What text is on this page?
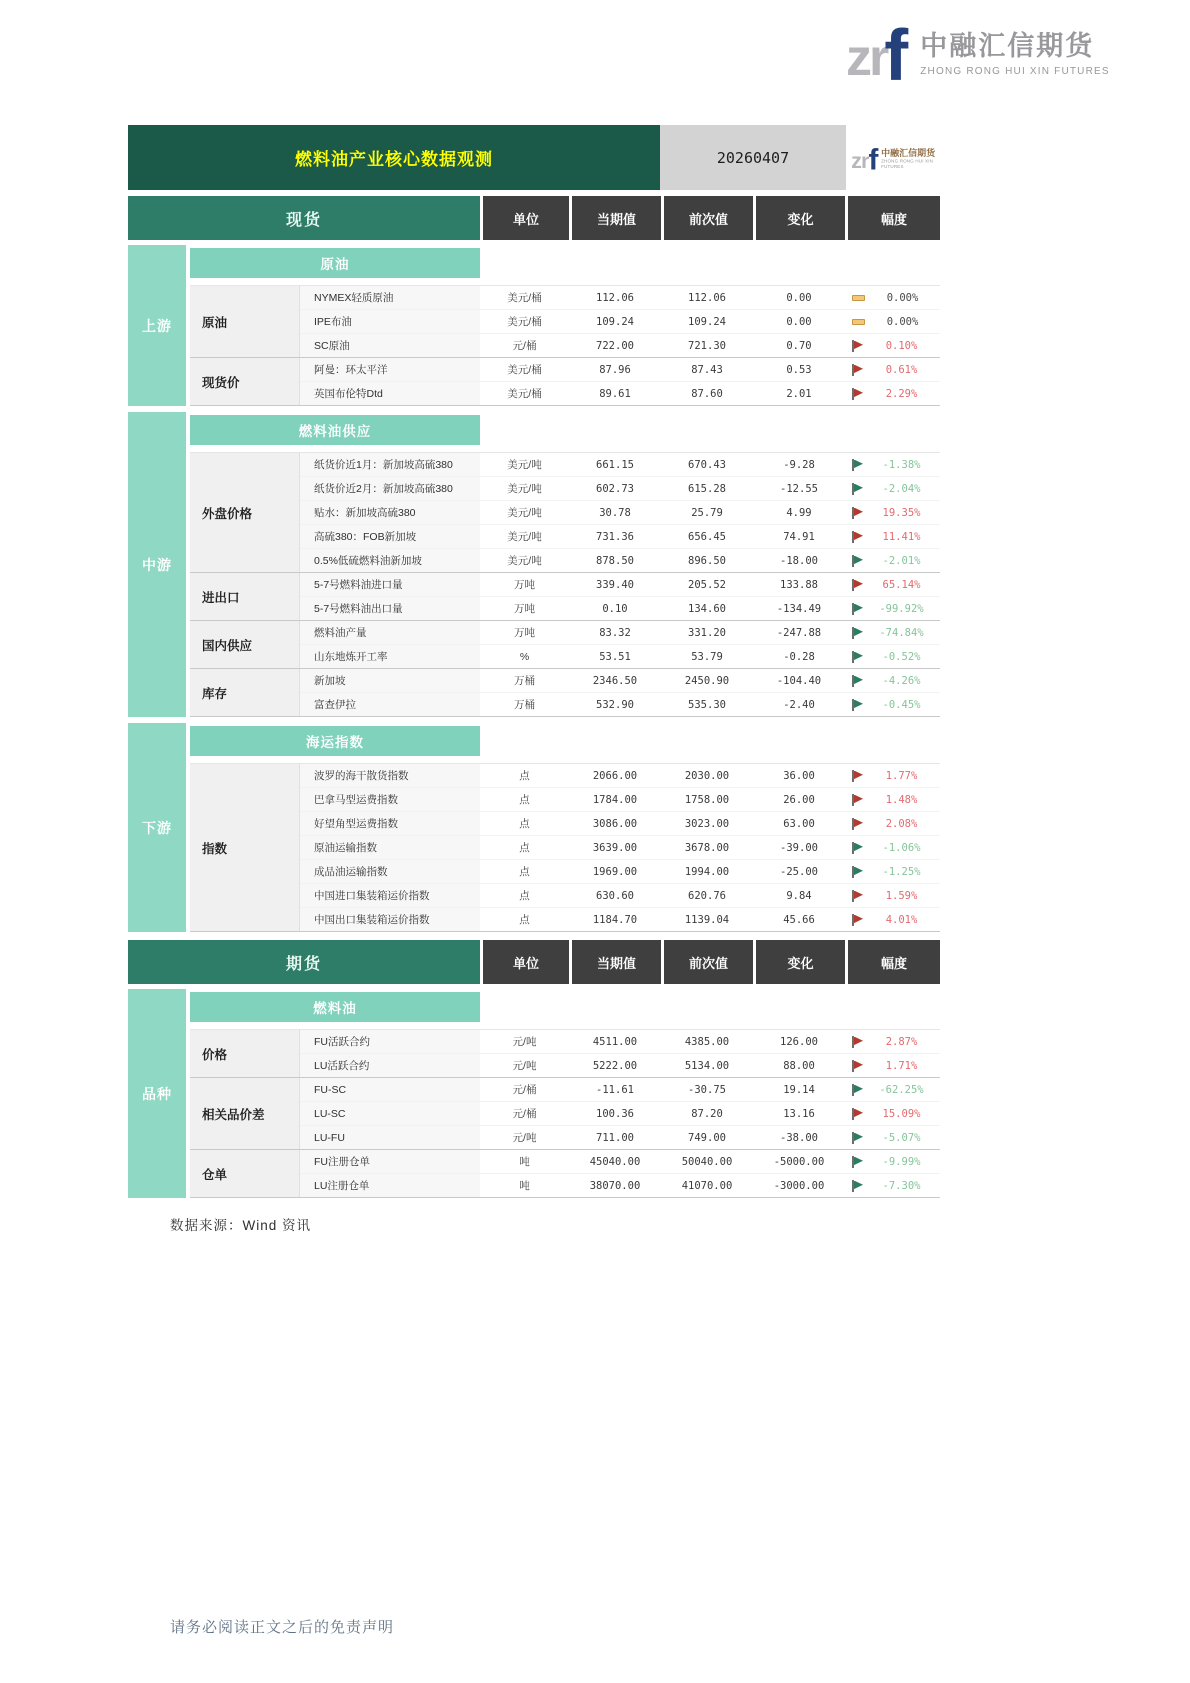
zr
f 中融汇信期货
ZHONG RONG HUI XIN FUTURES
燃料油产业核心数据观测	20260407	zr f 中融汇信期货
ZHONG RONG HUI XIN FUTURES
现货	单位	当期值	前次值	变化	幅度
上游
原油
原油
NYMEX轻质原油	美元/桶	112.06	112.06	0.00	0.00%
IPE布油	美元/桶	109.24	109.24	0.00	0.00%
SC原油	元/桶	722.00	721.30	0.70	0.10%
现货价
阿曼：环太平洋	美元/桶	87.96	87.43	0.53	0.61%
英国布伦特Dtd	美元/桶	89.61	87.60	2.01	2.29%
中游
燃料油供应
外盘价格
纸货价近1月：新加坡高硫380	美元/吨	661.15	670.43	-9.28	-1.38%
纸货价近2月：新加坡高硫380	美元/吨	602.73	615.28	-12.55	-2.04%
贴水：新加坡高硫380	美元/吨	30.78	25.79	4.99	19.35%
高硫380：FOB新加坡	美元/吨	731.36	656.45	74.91	11.41%
0.5%低硫燃料油新加坡	美元/吨	878.50	896.50	-18.00	-2.01%
进出口
5-7号燃料油进口量	万吨	339.40	205.52	133.88	65.14%
5-7号燃料油出口量	万吨	0.10	134.60	-134.49	-99.92%
国内供应
燃料油产量	万吨	83.32	331.20	-247.88	-74.84%
山东地炼开工率	%	53.51	53.79	-0.28	-0.52%
库存
新加坡	万桶	2346.50	2450.90	-104.40	-4.26%
富查伊拉	万桶	532.90	535.30	-2.40	-0.45%
下游
海运指数
指数
波罗的海干散货指数	点	2066.00	2030.00	36.00	1.77%
巴拿马型运费指数	点	1784.00	1758.00	26.00	1.48%
好望角型运费指数	点	3086.00	3023.00	63.00	2.08%
原油运输指数	点	3639.00	3678.00	-39.00	-1.06%
成品油运输指数	点	1969.00	1994.00	-25.00	-1.25%
中国进口集装箱运价指数	点	630.60	620.76	9.84	1.59%
中国出口集装箱运价指数	点	1184.70	1139.04	45.66	4.01%
期货	单位	当期值	前次值	变化	幅度
品种
燃料油
价格
FU活跃合约	元/吨	4511.00	4385.00	126.00	2.87%
LU活跃合约	元/吨	5222.00	5134.00	88.00	1.71%
相关品价差
FU-SC	元/桶	-11.61	-30.75	19.14	-62.25%
LU-SC	元/桶	100.36	87.20	13.16	15.09%
LU-FU	元/吨	711.00	749.00	-38.00	-5.07%
仓单
FU注册仓单	吨	45040.00	50040.00	-5000.00	-9.99%
LU注册仓单	吨	38070.00	41070.00	-3000.00	-7.30%
数据来源：Wind 资讯
请务必阅读正文之后的免责声明
